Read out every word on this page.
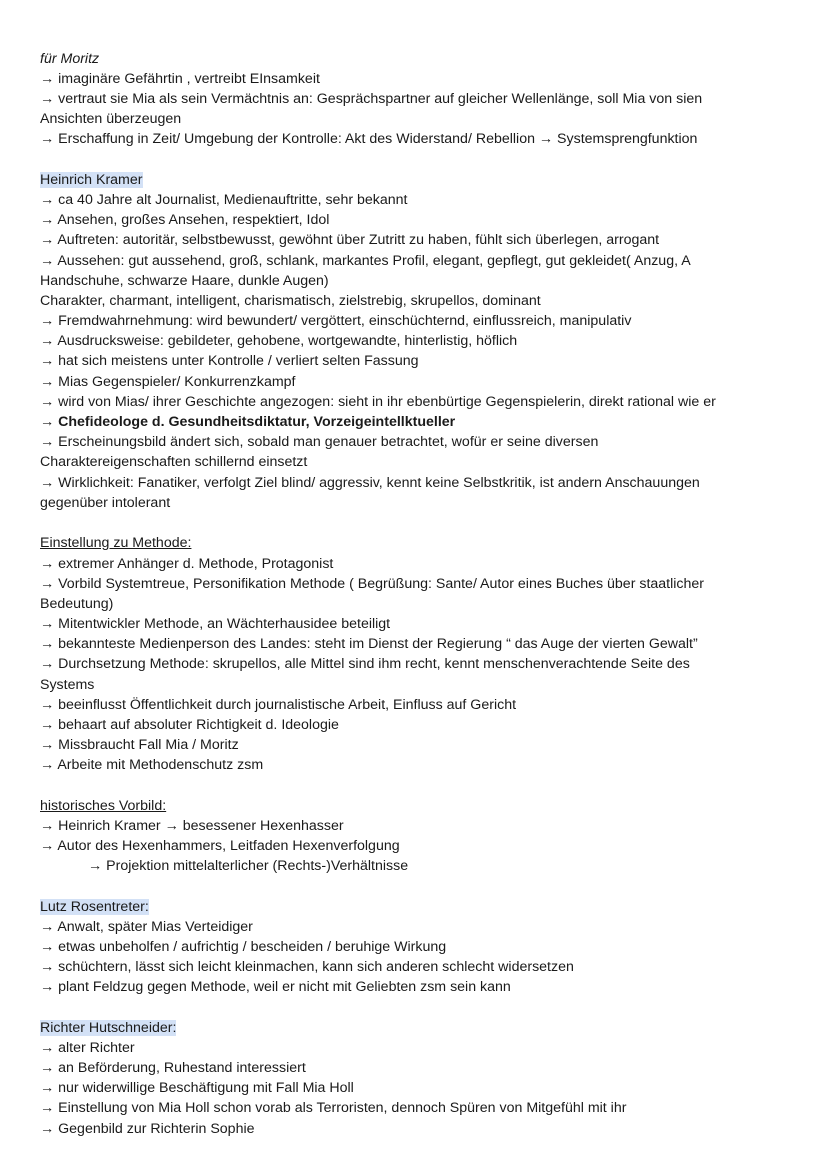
für Moritz
→ imaginäre Gefährtin , vertreibt EInsamkeit
→ vertraut sie Mia als sein Vermächtnis an: Gesprächspartner auf gleicher Wellenlänge, soll Mia von sien
Ansichten überzeugen
→ Erschaffung in Zeit/ Umgebung der Kontrolle: Akt des Widerstand/ Rebellion → Systemsprengfunktion
Heinrich Kramer
→ ca 40 Jahre alt Journalist, Medienauftritte, sehr bekannt
→ Ansehen, großes Ansehen, respektiert, Idol
→ Auftreten: autoritär, selbstbewusst, gewöhnt über Zutritt zu haben, fühlt sich überlegen, arrogant
→ Aussehen: gut aussehend, groß, schlank, markantes Profil, elegant, gepflegt, gut gekleidet( Anzug, A
Handschuhe, schwarze Haare, dunkle Augen)
Charakter, charmant, intelligent, charismatisch, zielstrebig, skrupellos, dominant
→ Fremdwahrnehmung: wird bewundert/ vergöttert, einschüchternd, einflussreich, manipulativ
→ Ausdrucksweise: gebildeter, gehobene, wortgewandte, hinterlistig, höflich
→ hat sich meistens unter Kontrolle / verliert selten Fassung
→ Mias Gegenspieler/ Konkurrenzkampf
→ wird von Mias/ ihrer Geschichte angezogen: sieht in ihr ebenbürtige Gegenspielerin, direkt rational wie er
→ Chefideologe d. Gesundheitsdiktatur, Vorzeigeintellktueller
→ Erscheinungsbild ändert sich, sobald man genauer betrachtet, wofür er seine diversen
Charaktereigenschaften schillernd einsetzt
→ Wirklichkeit: Fanatiker, verfolgt Ziel blind/ aggressiv, kennt keine Selbstkritik, ist andern Anschauungen
gegenüber intolerant
Einstellung zu Methode:
→ extremer Anhänger d. Methode, Protagonist
→ Vorbild Systemtreue, Personifikation Methode ( Begrüßung: Sante/ Autor eines Buches über staatlicher
Bedeutung)
→ Mitentwickler Methode, an Wächterhausidee beteiligt
→ bekannteste Medienperson des Landes: steht im Dienst der Regierung “ das Auge der vierten Gewalt”
→ Durchsetzung Methode: skrupellos, alle Mittel sind ihm recht, kennt menschenverachtende Seite des
Systems
→ beeinflusst Öffentlichkeit durch journalistische Arbeit, Einfluss auf Gericht
→ behaart auf absoluter Richtigkeit d. Ideologie
→ Missbraucht Fall Mia / Moritz
→ Arbeite mit Methodenschutz zsm
historisches Vorbild:
→ Heinrich Kramer → besessener Hexenhasser
→ Autor des Hexenhammers, Leitfaden Hexenverfolgung
→ Projektion mittelalterlicher (Rechts-)Verhältnisse
Lutz Rosentreter:
→ Anwalt, später Mias Verteidiger
→ etwas unbeholfen / aufrichtig / bescheiden / beruhige Wirkung
→ schüchtern, lässt sich leicht kleinmachen, kann sich anderen schlecht widersetzen
→ plant Feldzug gegen Methode, weil er nicht mit Geliebten zsm sein kann
Richter Hutschneider:
→ alter Richter
→ an Beförderung, Ruhestand interessiert
→ nur widerwillige Beschäftigung mit Fall Mia Holl
→ Einstellung von Mia Holl schon vorab als Terroristen, dennoch Spüren von Mitgefühl mit ihr
→ Gegenbild zur Richterin Sophie
